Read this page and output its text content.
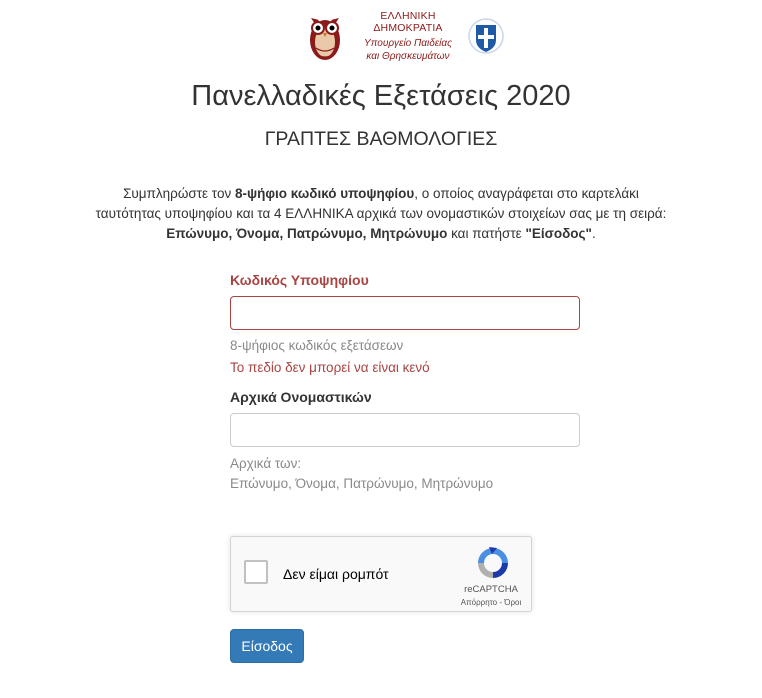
ΕΛΛΗΝΙΚΗ ΔΗΜΟΚΡΑΤΙΑ
Υπουργείο Παιδείας
και Θρησκευμάτων
Πανελλαδικές Εξετάσεις 2020
ΓΡΑΠΤΕΣ ΒΑΘΜΟΛΟΓΙΕΣ
Συμπληρώστε τον 8-ψήφιο κωδικό υποψηφίου, ο οποίος αναγράφεται στο καρτελάκι
ταυτότητας υποψηφίου και τα 4 ΕΛΛΗΝΙΚΑ αρχικά των ονομαστικών στοιχείων σας με τη σειρά:
Επώνυμο, Όνομα, Πατρώνυμο, Μητρώνυμο και πατήστε "Είσοδος".
Κωδικός Υποψηφίου
8-ψήφιος κωδικός εξετάσεων
Το πεδίο δεν μπορεί να είναι κενό
Αρχικά Ονομαστικών
Αρχικά των:
Επώνυμο, Όνομα, Πατρώνυμο, Μητρώνυμο
Δεν είμαι ρομπότ
reCAPTCHA
Απόρρητο - Όροι
Είσοδος
